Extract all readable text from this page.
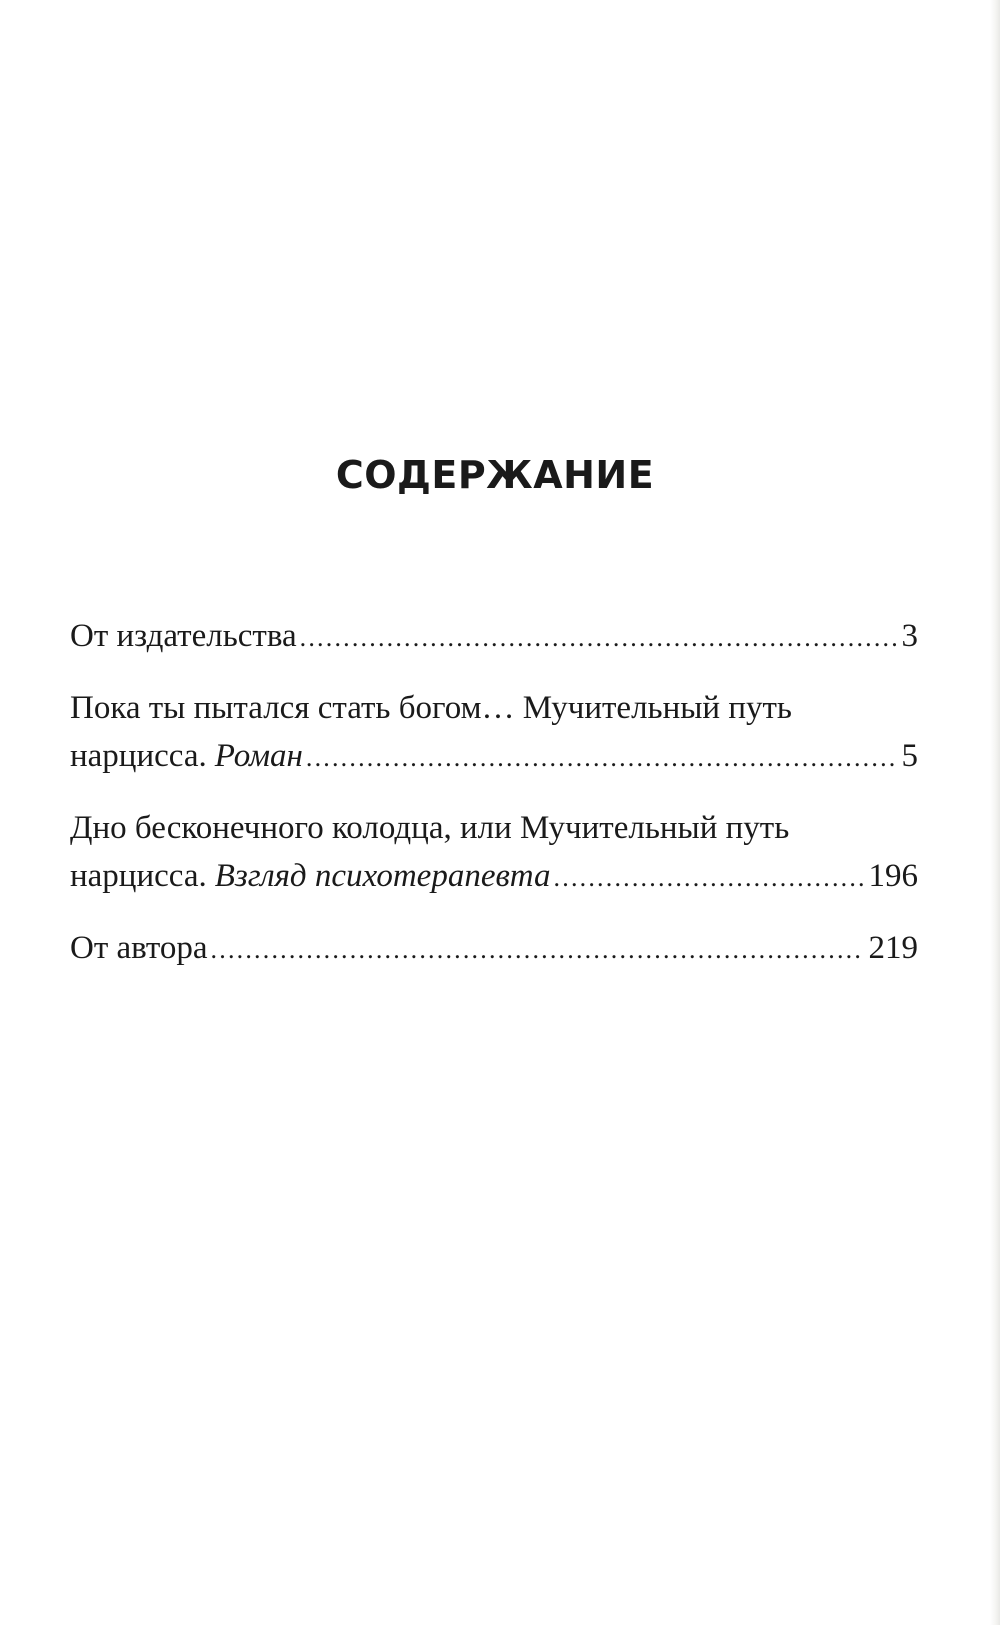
СОДЕРЖАНИЕ
От издательства .....	3
Пока ты пытался стать богом… Мучительный путь
нарцисса. Роман .....	5
Дно бесконечного колодца, или Мучительный путь
нарцисса. Взгляд психотерапевта .....	196
От автора .....	219
